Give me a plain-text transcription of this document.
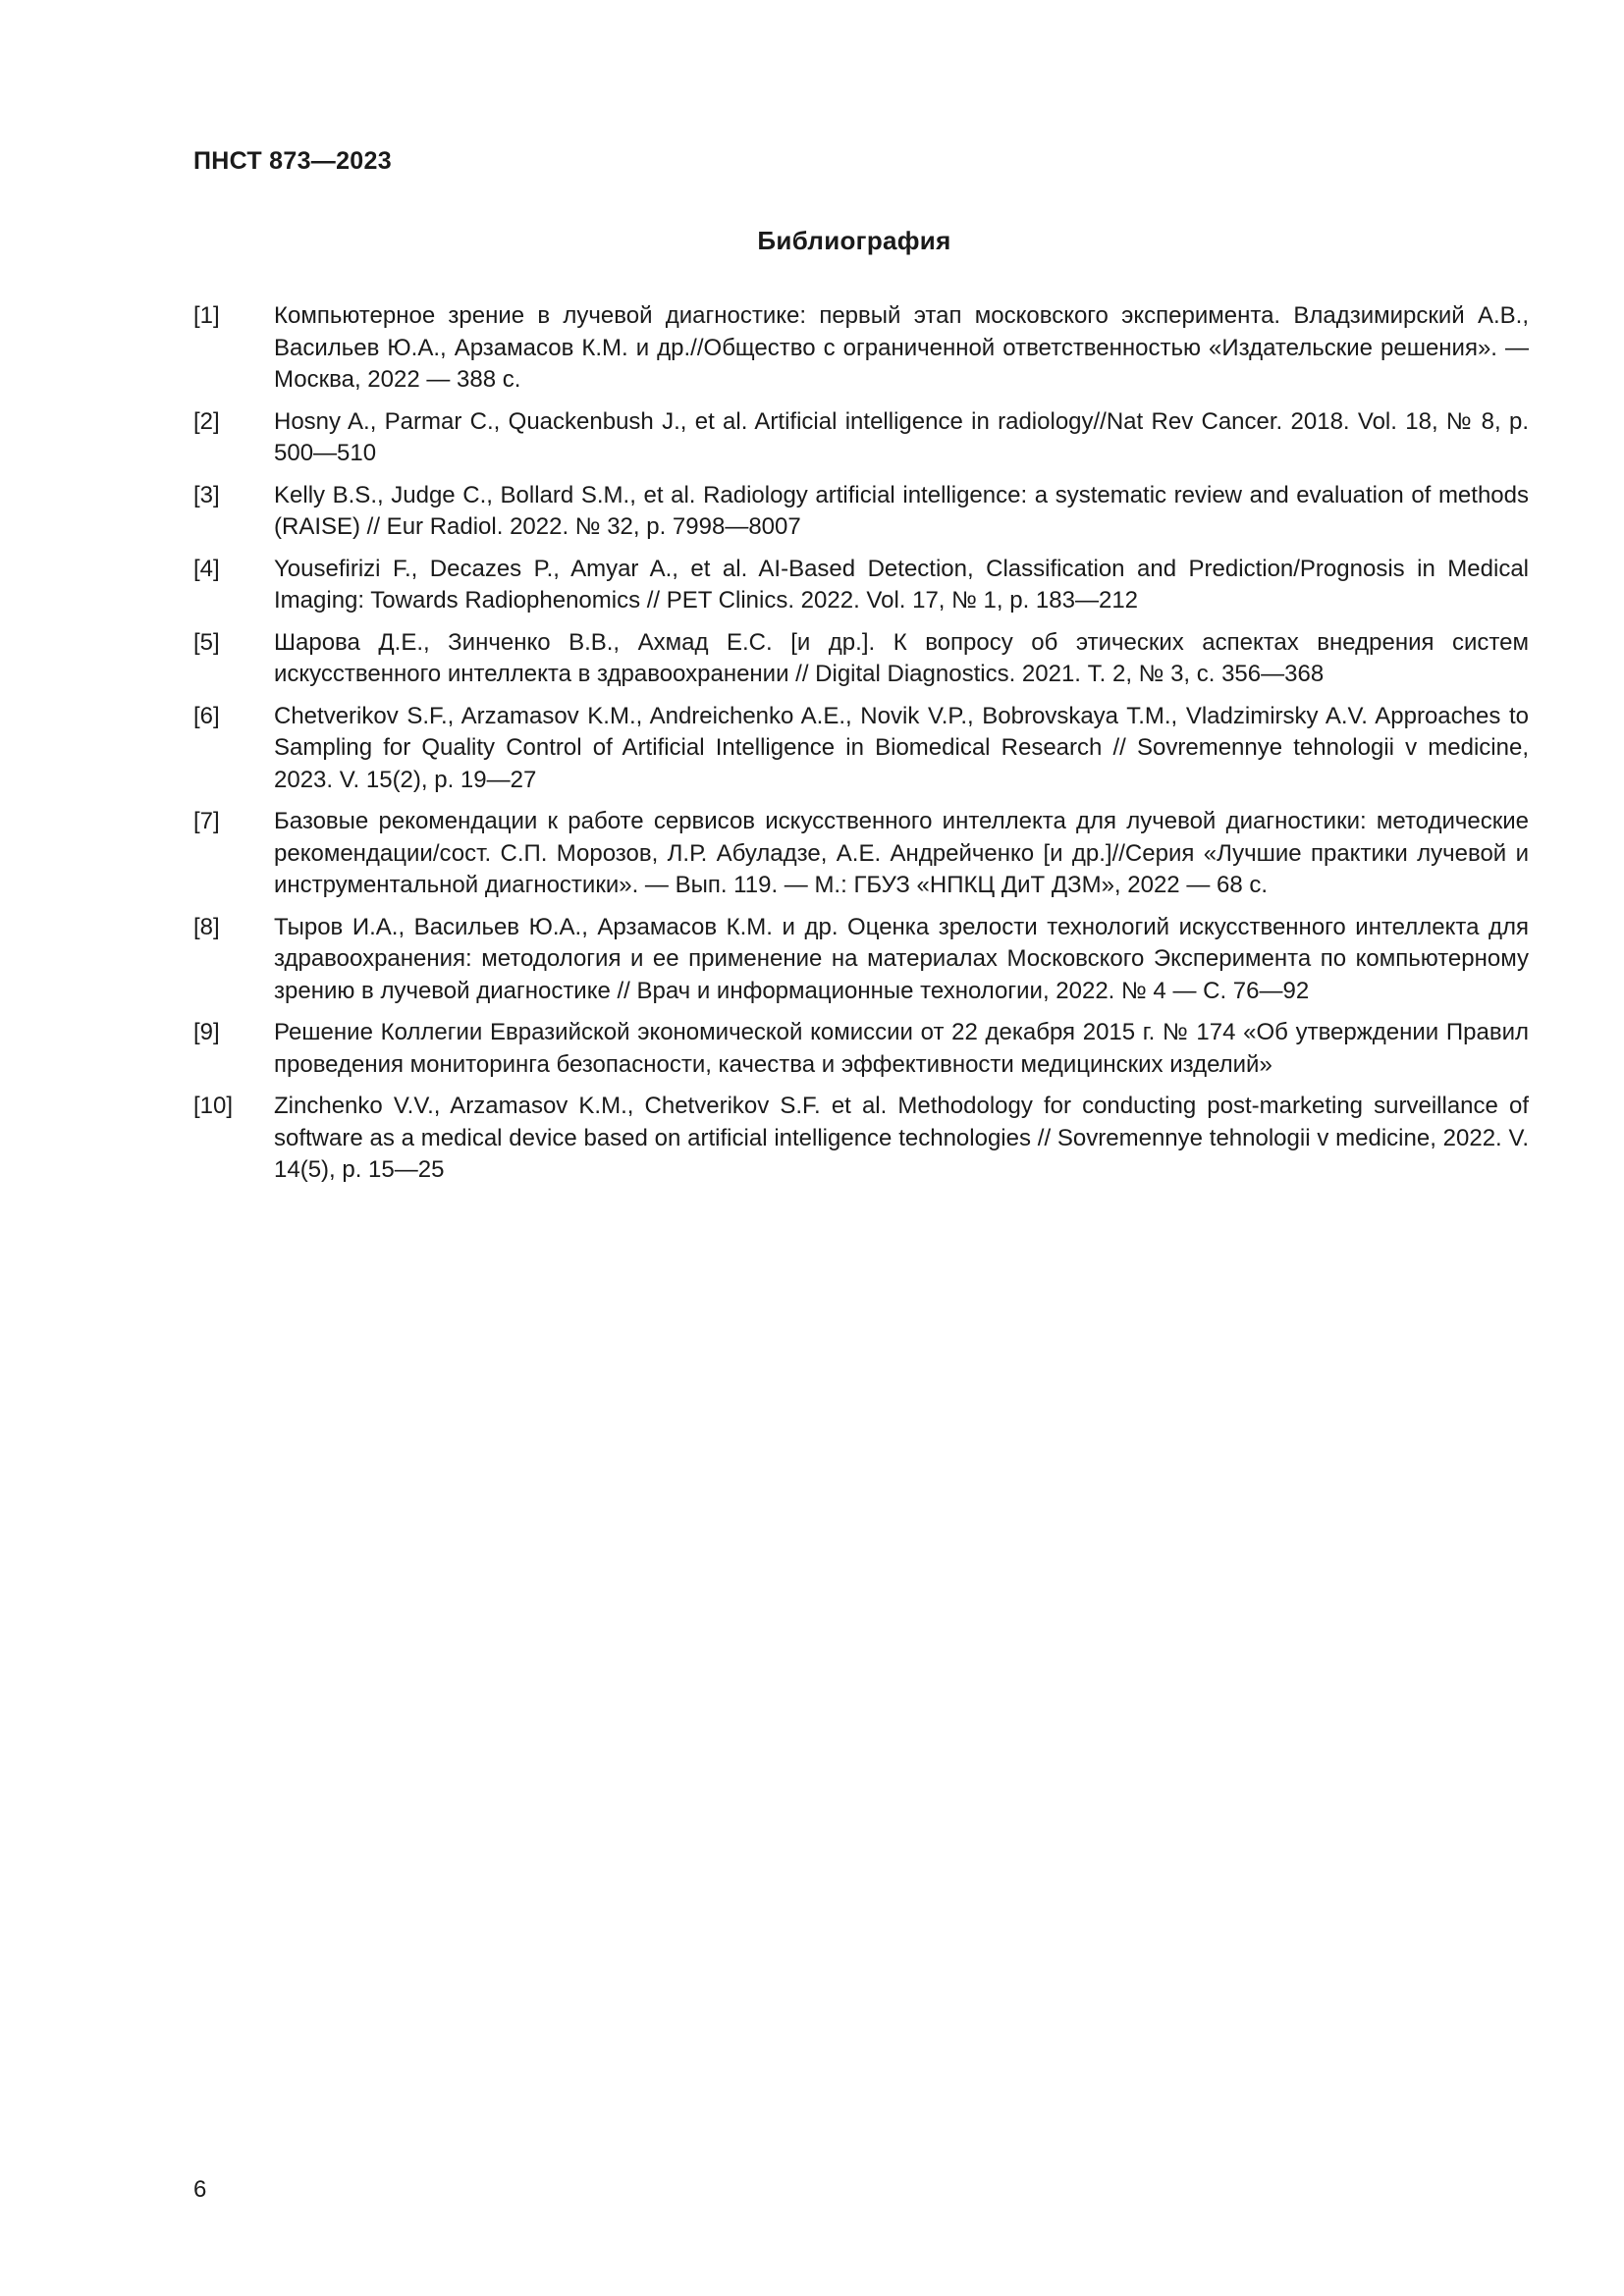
ПНСТ 873—2023

Библиография
[1]	Компьютерное зрение в лучевой диагностике: первый этап московского эксперимента. Владзимирский А.В., Васильев Ю.А., Арзамасов К.М. и др.//Общество с ограниченной ответственностью «Издательские решения». — Москва, 2022 — 388 с.
[2]	Hosny A., Parmar C., Quackenbush J., et al. Artificial intelligence in radiology//Nat Rev Cancer. 2018. Vol. 18, № 8, p. 500—510
[3]	Kelly B.S., Judge C., Bollard S.M., et al. Radiology artificial intelligence: a systematic review and evaluation of methods (RAISE) // Eur Radiol. 2022. № 32, p. 7998—8007
[4]	Yousefirizi F., Decazes P., Amyar A., et al. AI-Based Detection, Classification and Prediction/Prognosis in Medical Imaging: Towards Radiophenomics // PET Clinics. 2022. Vol. 17, № 1, p. 183—212
[5]	Шарова Д.Е., Зинченко В.В., Ахмад Е.С. [и др.]. К вопросу об этических аспектах внедрения систем искусственного интеллекта в здравоохранении // Digital Diagnostics. 2021. Т. 2, № 3, с. 356—368
[6]	Chetverikov S.F., Arzamasov K.M., Andreichenko A.E., Novik V.P., Bobrovskaya T.M., Vladzimirsky A.V. Approaches to Sampling for Quality Control of Artificial Intelligence in Biomedical Research // Sovremennye tehnologii v medicine, 2023. V. 15(2), p. 19—27
[7]	Базовые рекомендации к работе сервисов искусственного интеллекта для лучевой диагностики: методические рекомендации/сост. С.П. Морозов, Л.Р. Абуладзе, А.Е. Андрейченко [и др.]//Серия «Лучшие практики лучевой и инструментальной диагностики». — Вып. 119. — М.: ГБУЗ «НПКЦ ДиТ ДЗМ», 2022 — 68 с.
[8]	Тыров И.А., Васильев Ю.А., Арзамасов К.М. и др. Оценка зрелости технологий искусственного интеллекта для здравоохранения: методология и ее применение на материалах Московского Эксперимента по компьютерному зрению в лучевой диагностике // Врач и информационные технологии, 2022. № 4 — С. 76—92
[9]	Решение Коллегии Евразийской экономической комиссии от 22 декабря 2015 г. № 174 «Об утверждении Правил проведения мониторинга безопасности, качества и эффективности медицинских изделий»
[10]	Zinchenko V.V., Arzamasov K.M., Chetverikov S.F. et al. Methodology for conducting post-marketing surveillance of software as a medical device based on artificial intelligence technologies // Sovremennye tehnologii v medicine, 2022. V. 14(5), p. 15—25

6
